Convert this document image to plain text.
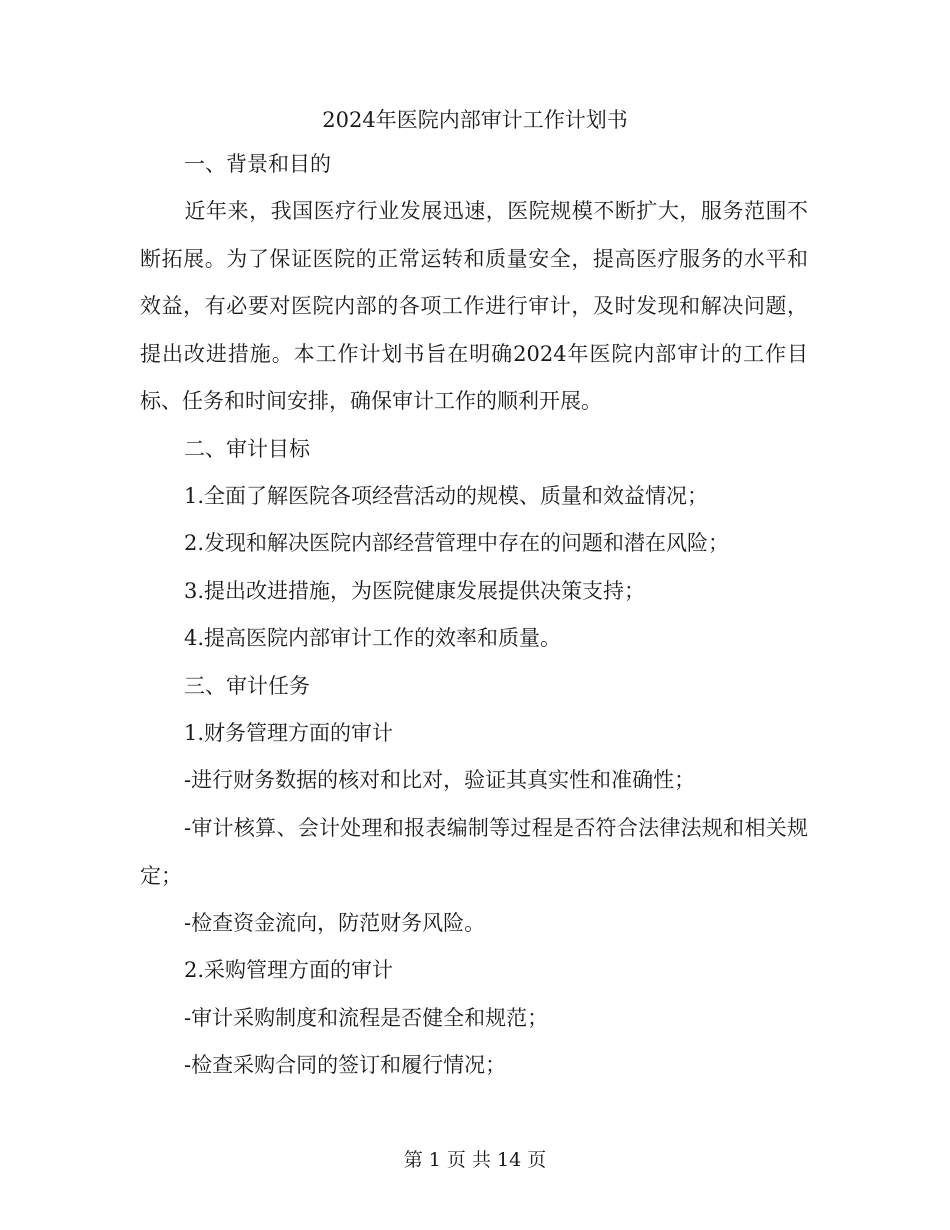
2024年医院内部审计工作计划书

一、背景和目的

近年来，我国医疗行业发展迅速，医院规模不断扩大，服务范围不断拓展。为了保证医院的正常运转和质量安全，提高医疗服务的水平和效益，有必要对医院内部的各项工作进行审计，及时发现和解决问题，提出改进措施。本工作计划书旨在明确2024年医院内部审计的工作目标、任务和时间安排，确保审计工作的顺利开展。

二、审计目标

1.全面了解医院各项经营活动的规模、质量和效益情况；

2.发现和解决医院内部经营管理中存在的问题和潜在风险；

3.提出改进措施，为医院健康发展提供决策支持；

4.提高医院内部审计工作的效率和质量。

三、审计任务

1.财务管理方面的审计

-进行财务数据的核对和比对，验证其真实性和准确性；

-审计核算、会计处理和报表编制等过程是否符合法律法规和相关规定；

-检查资金流向，防范财务风险。

2.采购管理方面的审计

-审计采购制度和流程是否健全和规范；

-检查采购合同的签订和履行情况；

第 1 页 共 14 页
